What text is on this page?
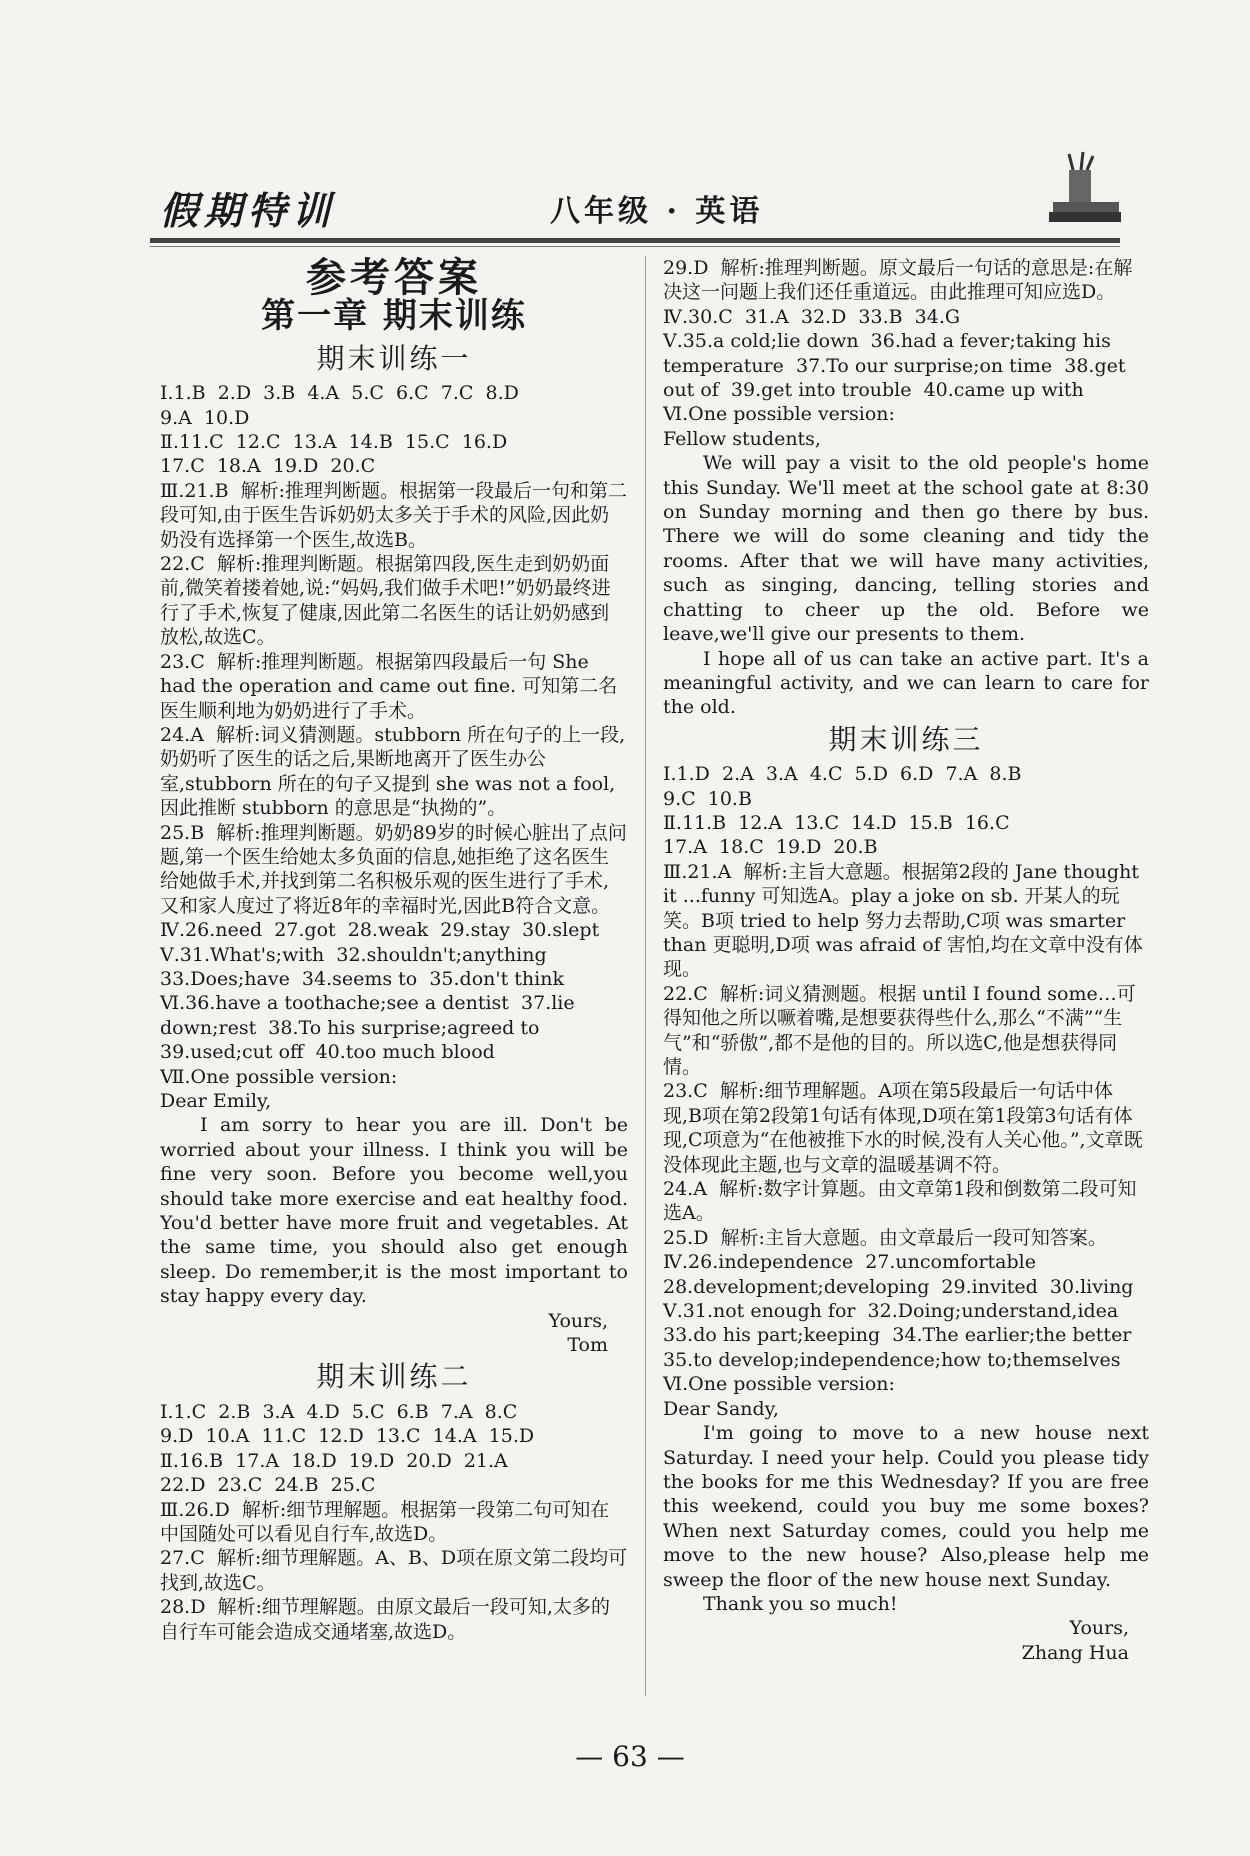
假期特训	八年级 · 英语
参考答案
第一章 期末训练
期末训练一
Ⅰ.1.B  2.D  3.B  4.A  5.C  6.C  7.C  8.D
9.A  10.D
Ⅱ.11.C  12.C  13.A  14.B  15.C  16.D
17.C  18.A  19.D  20.C
Ⅲ.21.B  解析:推理判断题。根据第一段最后一句和第二段可知,由于医生告诉奶奶太多关于手术的风险,因此奶奶没有选择第一个医生,故选B。
22.C  解析:推理判断题。根据第四段,医生走到奶奶面前,微笑着搂着她,说:“妈妈,我们做手术吧!”奶奶最终进行了手术,恢复了健康,因此第二名医生的话让奶奶感到放松,故选C。
23.C  解析:推理判断题。根据第四段最后一句 She had the operation and came out fine. 可知第二名医生顺利地为奶奶进行了手术。
24.A  解析:词义猜测题。stubborn 所在句子的上一段,奶奶听了医生的话之后,果断地离开了医生办公室,stubborn 所在的句子又提到 she was not a fool,因此推断 stubborn 的意思是“执拗的”。
25.B  解析:推理判断题。奶奶89岁的时候心脏出了点问题,第一个医生给她太多负面的信息,她拒绝了这名医生给她做手术,并找到第二名积极乐观的医生进行了手术,又和家人度过了将近8年的幸福时光,因此B符合文意。
Ⅳ.26.need  27.got  28.weak  29.stay  30.slept
Ⅴ.31.What's;with  32.shouldn't;anything
33.Does;have  34.seems to  35.don't think
Ⅵ.36.have a toothache;see a dentist  37.lie down;rest  38.To his surprise;agreed to  39.used;cut off  40.too much blood
Ⅶ.One possible version:
Dear Emily,
I am sorry to hear you are ill. Don't be worried about your illness. I think you will be fine very soon. Before you become well,you should take more exercise and eat healthy food. You'd better have more fruit and vegetables. At the same time, you should also get enough sleep. Do remember,it is the most important to stay happy every day.
Yours,
Tom
期末训练二
Ⅰ.1.C  2.B  3.A  4.D  5.C  6.B  7.A  8.C
9.D  10.A  11.C  12.D  13.C  14.A  15.D
Ⅱ.16.B  17.A  18.D  19.D  20.D  21.A
22.D  23.C  24.B  25.C
Ⅲ.26.D  解析:细节理解题。根据第一段第二句可知在中国随处可以看见自行车,故选D。
27.C  解析:细节理解题。A、B、D项在原文第二段均可找到,故选C。
28.D  解析:细节理解题。由原文最后一段可知,太多的自行车可能会造成交通堵塞,故选D。
29.D  解析:推理判断题。原文最后一句话的意思是:在解决这一问题上我们还任重道远。由此推理可知应选D。
Ⅳ.30.C  31.A  32.D  33.B  34.G
Ⅴ.35.a cold;lie down  36.had a fever;taking his temperature  37.To our surprise;on time  38.get out of  39.get into trouble  40.came up with
Ⅵ.One possible version:
Fellow students,
We will pay a visit to the old people's home this Sunday. We'll meet at the school gate at 8:30 on Sunday morning and then go there by bus. There we will do some cleaning and tidy the rooms. After that we will have many activities, such as singing, dancing, telling stories and chatting to cheer up the old. Before we leave,we'll give our presents to them.
I hope all of us can take an active part. It's a meaningful activity, and we can learn to care for the old.
期末训练三
Ⅰ.1.D  2.A  3.A  4.C  5.D  6.D  7.A  8.B
9.C  10.B
Ⅱ.11.B  12.A  13.C  14.D  15.B  16.C
17.A  18.C  19.D  20.B
Ⅲ.21.A  解析:主旨大意题。根据第2段的 Jane thought it ...funny 可知选A。play a joke on sb. 开某人的玩笑。B项 tried to help 努力去帮助,C项 was smarter than 更聪明,D项 was afraid of 害怕,均在文章中没有体现。
22.C  解析:词义猜测题。根据 until I found some…可得知他之所以噘着嘴,是想要获得些什么,那么“不满”“生气”和“骄傲”,都不是他的目的。所以选C,他是想获得同情。
23.C  解析:细节理解题。A项在第5段最后一句话中体现,B项在第2段第1句话有体现,D项在第1段第3句话有体现,C项意为“在他被推下水的时候,没有人关心他。”,文章既没体现此主题,也与文章的温暖基调不符。
24.A  解析:数字计算题。由文章第1段和倒数第二段可知选A。
25.D  解析:主旨大意题。由文章最后一段可知答案。
Ⅳ.26.independence  27.uncomfortable
28.development;developing  29.invited  30.living
Ⅴ.31.not enough for  32.Doing;understand,idea
33.do his part;keeping  34.The earlier;the better
35.to develop;independence;how to;themselves
Ⅵ.One possible version:
Dear Sandy,
I'm going to move to a new house next Saturday. I need your help. Could you please tidy the books for me this Wednesday? If you are free this weekend, could you buy me some boxes? When next Saturday comes, could you help me move to the new house? Also,please help me sweep the floor of the new house next Sunday.
Thank you so much!
Yours,
Zhang Hua
— 63 —
